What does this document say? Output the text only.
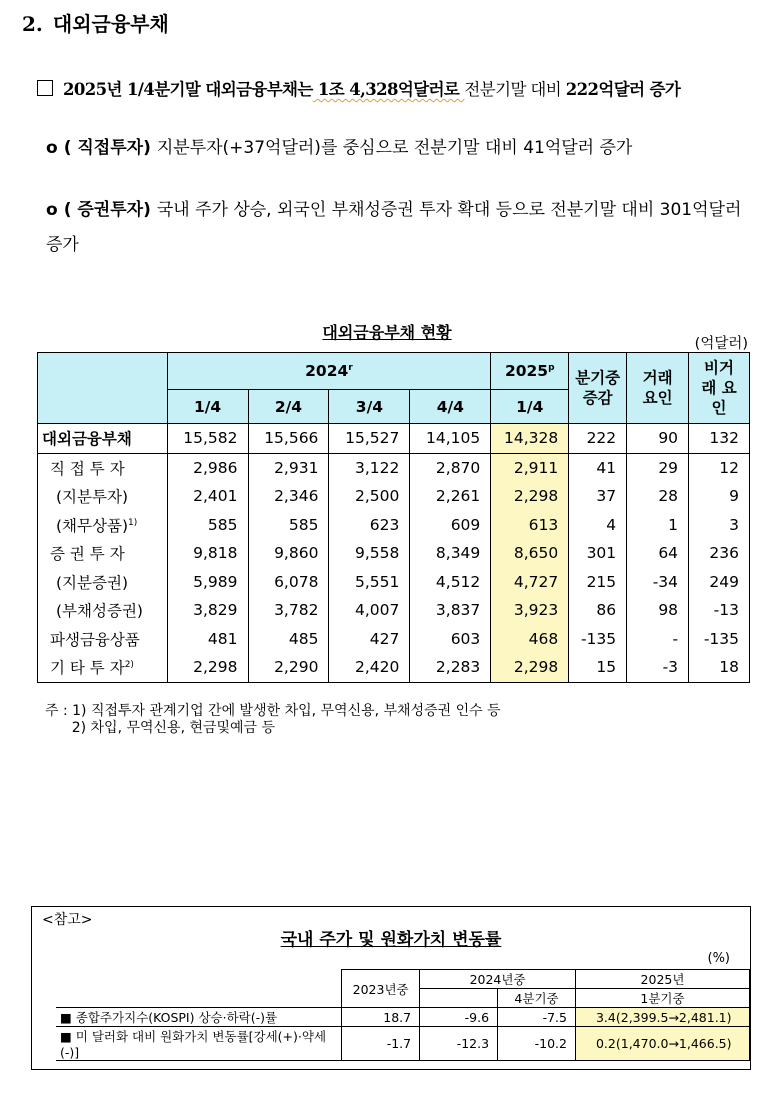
2. 대외금융부채
2025년 1/4분기말 대외금융부채는 1조 4,328억달러로 전분기말 대비 222억달러 증가
o ( 직접투자) 지분투자(+37억달러)를 중심으로 전분기말 대비 41억달러 증가
o ( 증권투자) 국내 주가 상승, 외국인 부채성증권 투자 확대 등으로 전분기말 대비 301억달러 증가
대외금융부채 현황
(억달러)
	2024$^r$				2025$^p$	분기중 증감	거래 요인	비거래 요인
	1/4	2/4	3/4	4/4	1/4			
대외금융부채	15,582	15,566	15,527	14,105	14,328	222	90	132
직 접 투 자	2,986	2,931	3,122	2,870	2,911	41	29	12
(지분투자)	2,401	2,346	2,500	2,261	2,298	37	28	9
(채무상품)$^{1)}$	585	585	623	609	613	4	1	3
증 권 투 자	9,818	9,860	9,558	8,349	8,650	301	64	236
(지분증권)	5,989	6,078	5,551	4,512	4,727	215	-34	249
(부채성증권)	3,829	3,782	4,007	3,837	3,923	86	98	-13
파생금융상품	481	485	427	603	468	-135	-	-135
기 타 투 자$^{2)}$	2,298	2,290	2,420	2,283	2,298	15	-3	18
주 : 1) 직접투자 관계기업 간에 발생한 차입, 무역신용, 부채성증권 인수 등
2) 차입, 무역신용, 현금및예금 등
<참고>
국내 주가 및 원화가치 변동률
(%)
	2023년중	2024년중		2025년
			4분기중	1분기중
■ 종합주가지수(KOSPI) 상승·하락(-)률	18.7	-9.6	-7.5	3.4(2,399.5→2,481.1)
■ 미 달러화 대비 원화가치 변동률[강세(+)·약세(-)]	-1.7	-12.3	-10.2	0.2(1,470.0→1,466.5)
